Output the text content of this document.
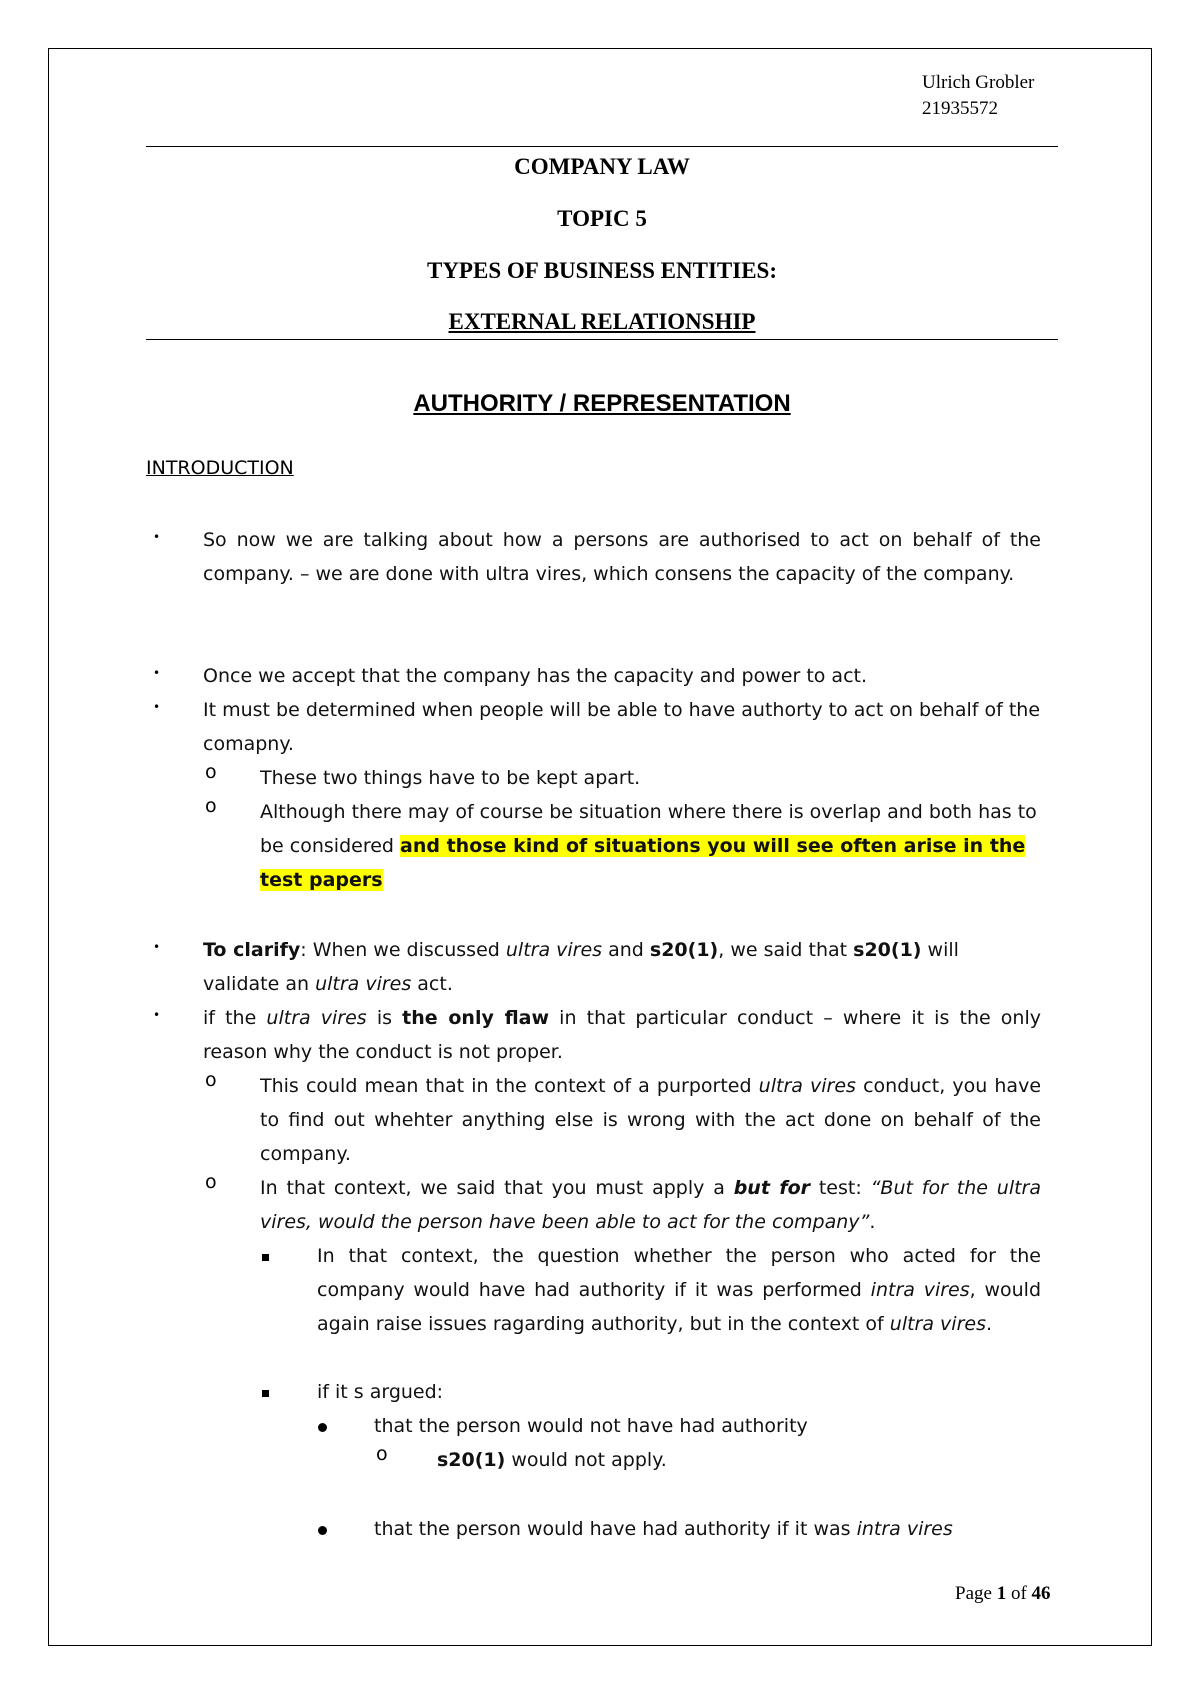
Ulrich Grobler
21935572
COMPANY LAW
TOPIC 5
TYPES OF BUSINESS ENTITIES:
EXTERNAL RELATIONSHIP
AUTHORITY / REPRESENTATION
INTRODUCTION
• So now we are talking about how a persons are authorised to act on behalf of the company. – we are done with ultra vires, which consens the capacity of the company.
• Once we accept that the company has the capacity and power to act.
• It must be determined when people will be able to have authorty to act on behalf of the comapny.
o These two things have to be kept apart.
o Although there may of course be situation where there is overlap and both has to be considered and those kind of situations you will see often arise in the test papers
• To clarify: When we discussed ultra vires and s20(1), we said that s20(1) will validate an ultra vires act.
• if the ultra vires is the only flaw in that particular conduct – where it is the only reason why the conduct is not proper.
o This could mean that in the context of a purported ultra vires conduct, you have to find out whehter anything else is wrong with the act done on behalf of the company.
o In that context, we said that you must apply a but for test: “But for the ultra vires, would the person have been able to act for the company”.
In that context, the question whether the person who acted for the company would have had authority if it was performed intra vires, would again raise issues ragarding authority, but in the context of ultra vires.
if it s argued:
that the person would not have had authority
o	s20(1) would not apply.
that the person would have had authority if it was intra vires
Page 1 of 46
